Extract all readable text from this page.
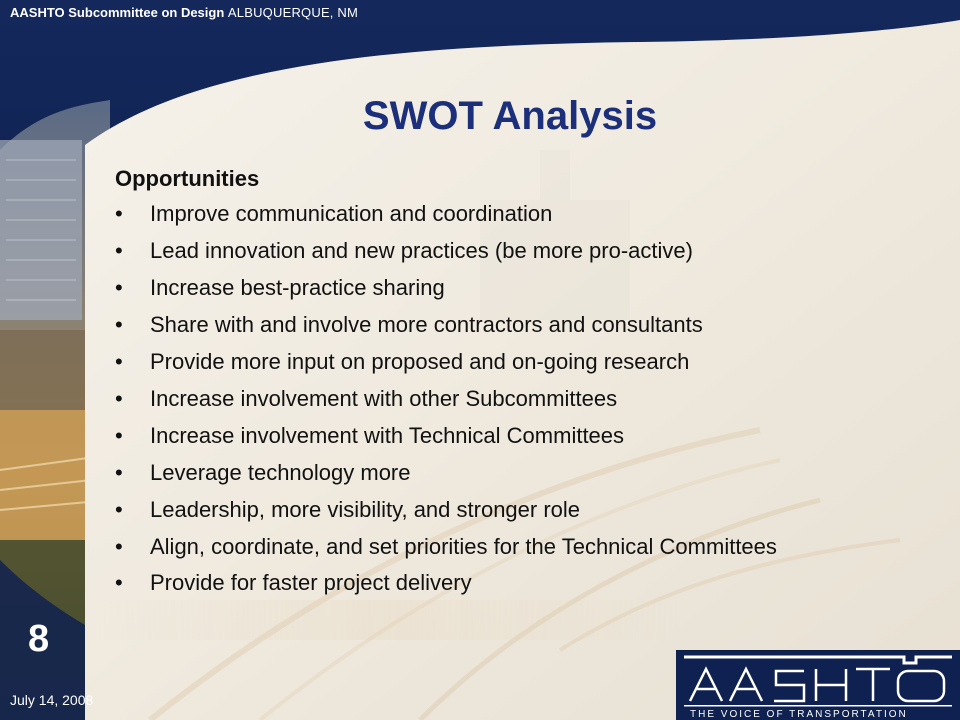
AASHTO Subcommittee on Design ALBUQUERQUE, NM
SWOT Analysis

Opportunities

• Improve communication and coordination
• Lead innovation and new practices (be more pro-active)
• Increase best-practice sharing
• Share with and involve more contractors and consultants
• Provide more input on proposed and on-going research
• Increase involvement with other Subcommittees
• Increase involvement with Technical Committees
• Leverage technology more
• Leadership, more visibility, and stronger role
• Align, coordinate, and set priorities for the Technical Committees
• Provide for faster project delivery
8
July 14, 2008
THE VOICE OF TRANSPORTATION
